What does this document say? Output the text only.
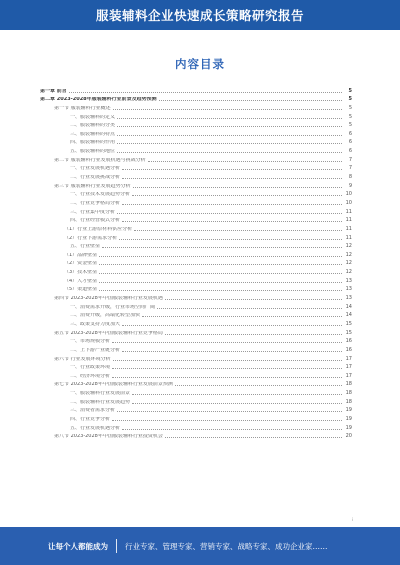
服装辅料企业快速成长策略研究报告
内容目录
第一章 前言	5
第二章 2023-2028年服装辅料行业前景及趋势预测	5
第一节 服装辅料行业概述	5
一、服装辅料的定义	5
二、服装辅料的分类	5
三、服装辅料的特点	6
四、服装辅料的作用	6
五、服装辅料的地位	6
第二节 服装辅料行业发展机遇与挑战分析	7
一、行业发展机遇分析	7
二、行业发展挑战分析	8
第三节 服装辅料行业发展趋势分析	9
一、行业技术发展趋势分析	10
二、行业竞争格局分析	10
三、行业集中度分析	11
四、行业经营模式分析	11
（1）行业上游原材料供应分析	11
（2）行业下游需求分析	11
五、行业壁垒	12
（1）品牌壁垒	12
（2）资金壁垒	12
（3）技术壁垒	12
（4）人才壁垒	13
（5）渠道壁垒	13
第四节 2023-2028年中国服装辅料行业发展机遇	13
一、消费需求升级，行业市场空间广阔	14
二、消费升级，高端化转型加快	14
三、政策支持力度加大	15
第五节 2023-2028年中国服装辅料行业竞争格局	15
一、市场规模分析	16
二、上下游产业链分析	16
第六节 行业发展环境分析	17
一、行业政策环境	17
二、经济环境分析	17
第七节 2023-2028年中国服装辅料行业发展前景预测	18
一、服装辅料行业发展前景	18
二、服装辅料行业发展趋势	18
三、消费者需求分析	19
四、行业竞争分析	19
五、行业发展机遇分析	19
第八节 2023-2028年中国服装辅料行业投资机会	20
i
让每个人都能成为 行业专家、管理专家、营销专家、战略专家、成功企业家……
